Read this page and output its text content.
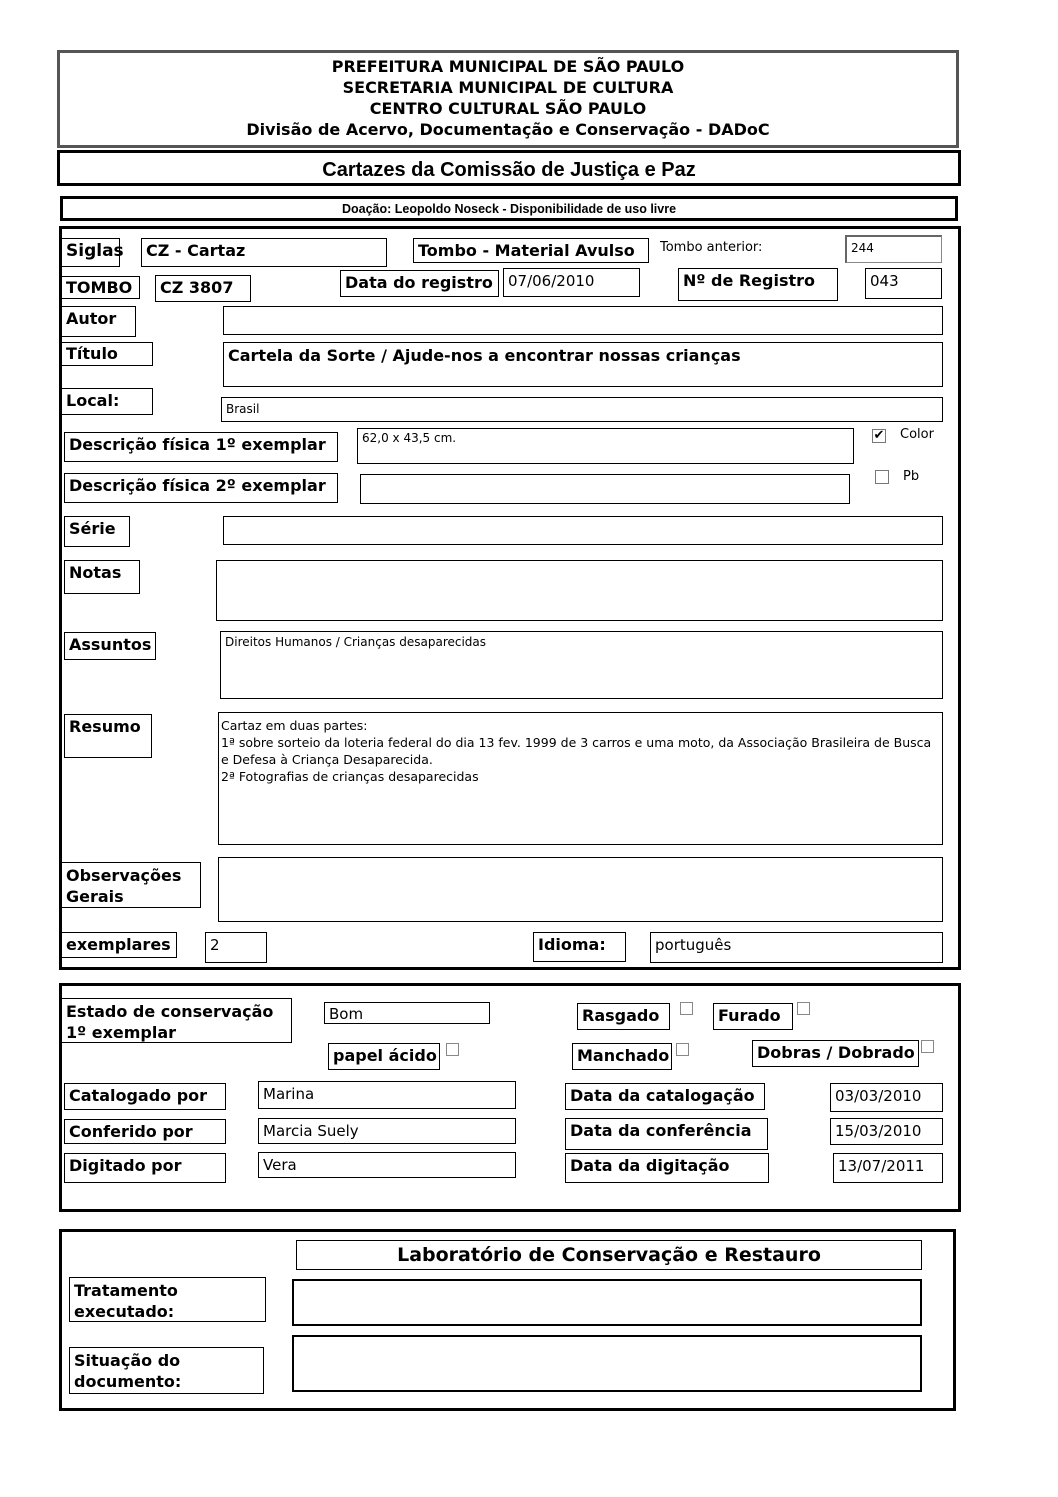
PREFEITURA MUNICIPAL DE SÃO PAULO
SECRETARIA MUNICIPAL DE CULTURA
CENTRO CULTURAL SÃO PAULO
Divisão de Acervo, Documentação e Conservação - DADoC
Cartazes da Comissão de Justiça e Paz
Doação: Leopoldo Noseck - Disponibilidade de uso livre
Siglas	CZ - Cartaz	Tombo - Material Avulso	Tombo anterior:	244
TOMBO	CZ 3807	Data do registro	07/06/2010	Nº de Registro	043
Autor
Título	Cartela da Sorte / Ajude-nos a encontrar nossas crianças
Local:	Brasil
Descrição física 1º exemplar	62,0 x 43,5 cm.	✔ Color
Descrição física 2º exemplar	Pb
Série
Notas
Assuntos	Direitos Humanos / Crianças desaparecidas
Resumo	Cartaz em duas partes:
1ª sobre sorteio da loteria federal do dia 13 fev. 1999 de 3 carros e uma moto, da Associação Brasileira de Busca e Defesa à Criança Desaparecida.
2ª Fotografias de crianças desaparecidas
Observações Gerais
exemplares	2	Idioma:	português
Estado de conservação 1º exemplar
Bom	Rasgado	Furado
papel ácido	Manchado	Dobras / Dobrado
Catalogado por	Marina	Data da catalogação	03/03/2010
Conferido por	Marcia Suely	Data da conferência	15/03/2010
Digitado por	Vera	Data da digitação	13/07/2011
Laboratório de Conservação e Restauro
Tratamento executado:
Situação do documento:
